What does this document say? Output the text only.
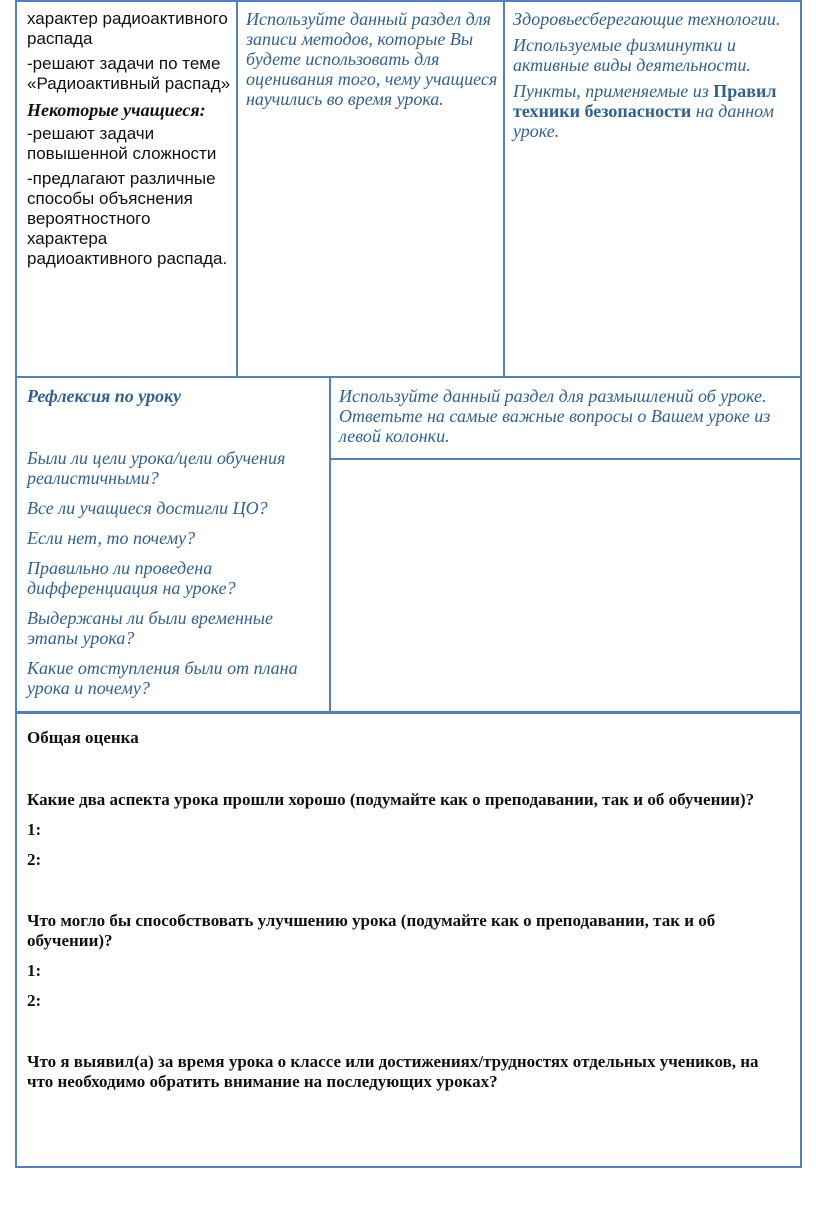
характер радиоактивного распада

-решают задачи по теме «Радиоактивный распад»

Некоторые учащиеся:

-решают задачи повышенной сложности

-предлагают различные способы объяснения вероятностного характера радиоактивного распада.

Используйте данный раздел для записи методов, которые Вы будете использовать для оценивания того, чему учащиеся научились во время урока.

Здоровьесберегающие технологии.

Используемые физминутки и активные виды деятельности.

Пункты, применяемые из Правил техники безопасности на данном уроке.

Рефлексия по уроку

Были ли цели урока/цели обучения реалистичными?

Все ли учащиеся достигли ЦО?

Если нет, то почему?

Правильно ли проведена дифференциация на уроке?

Выдержаны ли были временные этапы урока?

Какие отступления были от плана урока и почему?

Используйте данный раздел для размышлений об уроке. Ответьте на самые важные вопросы о Вашем уроке из левой колонки.

Общая оценка

Какие два аспекта урока прошли хорошо (подумайте как о преподавании, так и об обучении)?

1:

2:

Что могло бы способствовать улучшению урока (подумайте как о преподавании, так и об обучении)?

1:

2:

Что я выявил(а) за время урока о классе или достижениях/трудностях отдельных учеников, на что необходимо обратить внимание на последующих уроках?
